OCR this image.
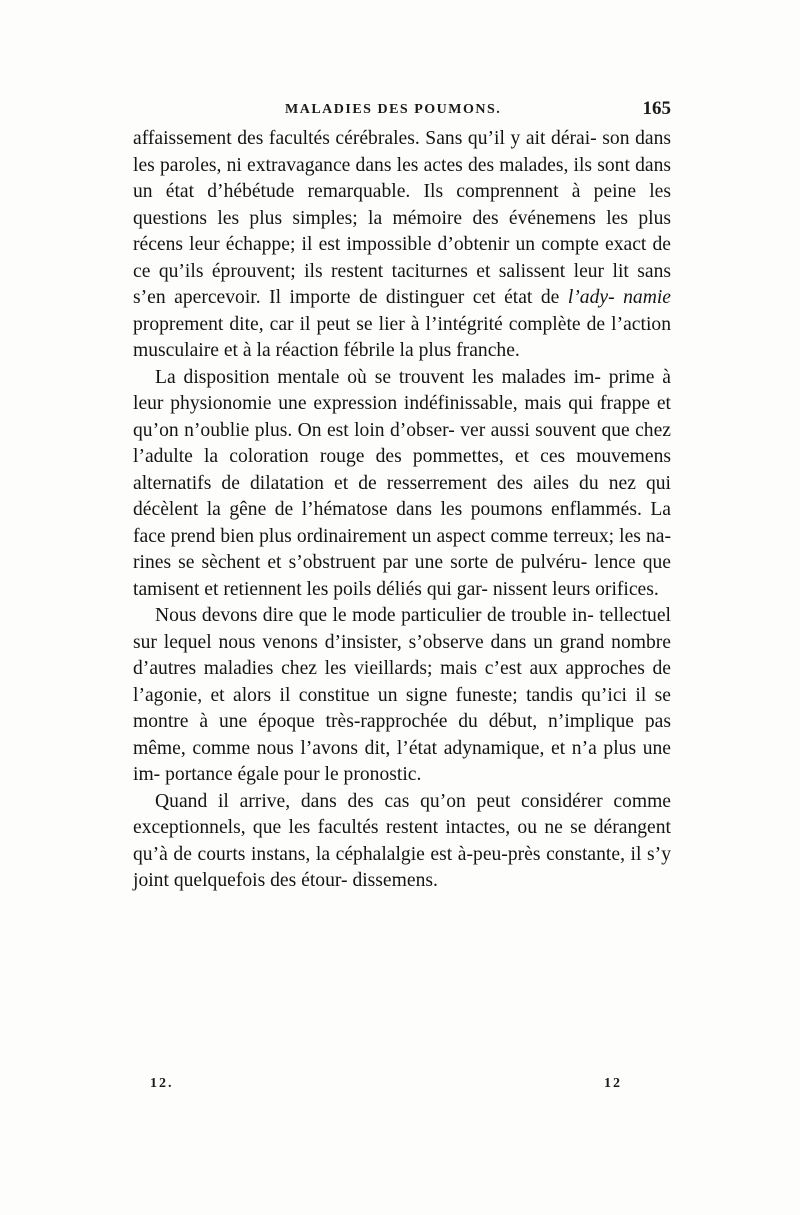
MALADIES DES POUMONS.	165

affaissement des facultés cérébrales. Sans qu’il y ait dérai- son dans les paroles, ni extravagance dans les actes des malades, ils sont dans un état d’hébétude remarquable. Ils comprennent à peine les questions les plus simples; la mémoire des événemens les plus récens leur échappe; il est impossible d’obtenir un compte exact de ce qu’ils éprouvent; ils restent taciturnes et salissent leur lit sans s’en apercevoir. Il importe de distinguer cet état de l’ady- namie proprement dite, car il peut se lier à l’intégrité complète de l’action musculaire et à la réaction fébrile la plus franche.

La disposition mentale où se trouvent les malades im- prime à leur physionomie une expression indéfinissable, mais qui frappe et qu’on n’oublie plus. On est loin d’obser- ver aussi souvent que chez l’adulte la coloration rouge des pommettes, et ces mouvemens alternatifs de dilatation et de resserrement des ailes du nez qui décèlent la gêne de l’hématose dans les poumons enflammés. La face prend bien plus ordinairement un aspect comme terreux; les na- rines se sèchent et s’obstruent par une sorte de pulvéru- lence que tamisent et retiennent les poils déliés qui gar- nissent leurs orifices.

Nous devons dire que le mode particulier de trouble in- tellectuel sur lequel nous venons d’insister, s’observe dans un grand nombre d’autres maladies chez les vieillards; mais c’est aux approches de l’agonie, et alors il constitue un signe funeste; tandis qu’ici il se montre à une époque très-rapprochée du début, n’implique pas même, comme nous l’avons dit, l’état adynamique, et n’a plus une im- portance égale pour le pronostic.

Quand il arrive, dans des cas qu’on peut considérer comme exceptionnels, que les facultés restent intactes, ou ne se dérangent qu’à de courts instans, la céphalalgie est à-peu-près constante, il s’y joint quelquefois des étour- dissemens.

12.	12
